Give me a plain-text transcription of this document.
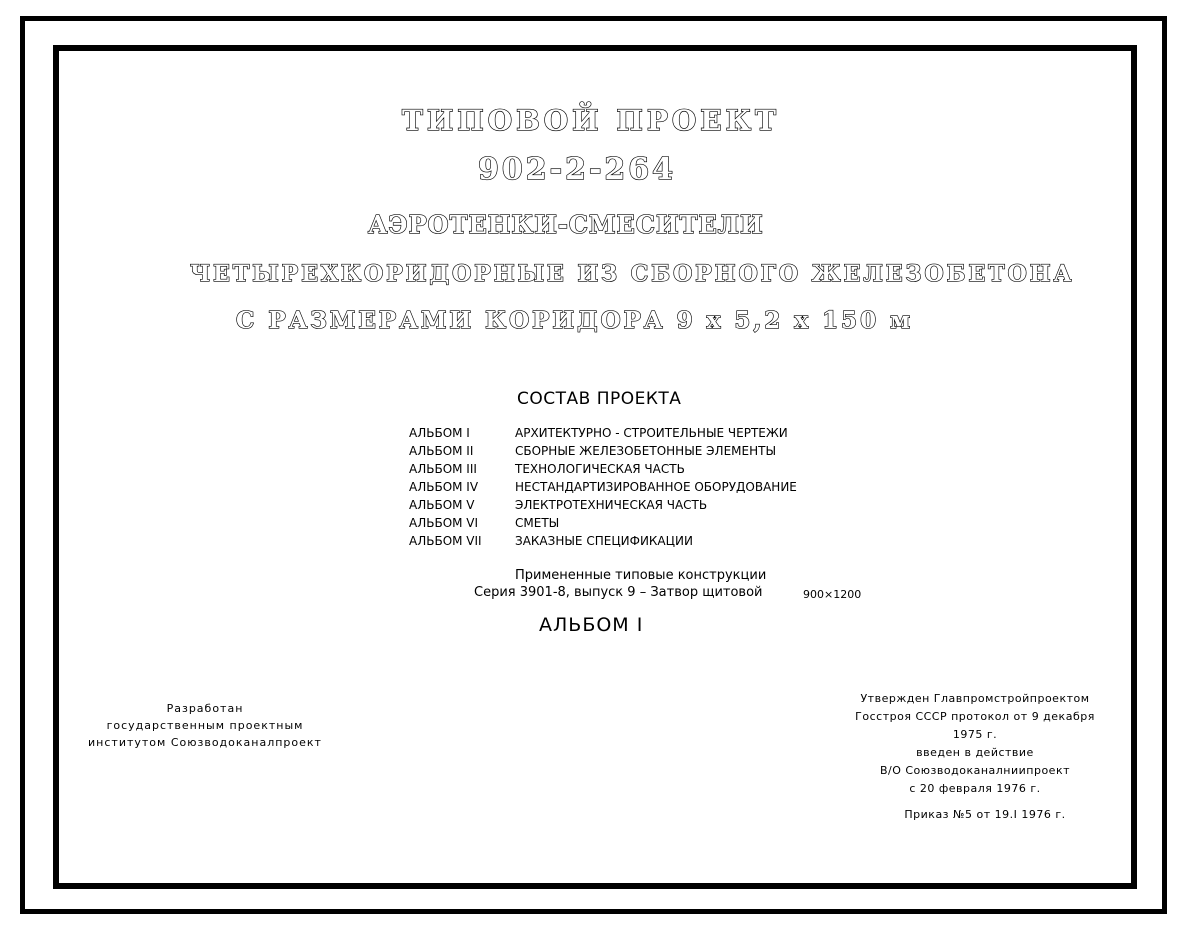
ТИПОВОЙ ПРОЕКТ
902-2-264
АЭРОТЕНКИ-СМЕСИТЕЛИ
ЧЕТЫРЕХКОРИДОРНЫЕ ИЗ СБОРНОГО ЖЕЛЕЗОБЕТОНА
С РАЗМЕРАМИ КОРИДОРА 9 х 5,2 х 150 м
СОСТАВ ПРОЕКТА
АЛЬБОМ I	АРХИТЕКТУРНО - СТРОИТЕЛЬНЫЕ ЧЕРТЕЖИ
АЛЬБОМ II	СБОРНЫЕ ЖЕЛЕЗОБЕТОННЫЕ ЭЛЕМЕНТЫ
АЛЬБОМ III	ТЕХНОЛОГИЧЕСКАЯ ЧАСТЬ
АЛЬБОМ IV	НЕСТАНДАРТИЗИРОВАННОЕ ОБОРУДОВАНИЕ
АЛЬБОМ V	ЭЛЕКТРОТЕХНИЧЕСКАЯ ЧАСТЬ
АЛЬБОМ VI	СМЕТЫ
АЛЬБОМ VII	ЗАКАЗНЫЕ СПЕЦИФИКАЦИИ
Примененные типовые конструкции
Серия 3901-8, выпуск 9 – Затвор щитовой	900×1200
АЛЬБОМ I
Разработан
государственным проектным
институтом Союзводоканалпроект
Утвержден Главпромстройпроектом
Госстроя СССР протокол от 9 декабря 1975 г.
введен в действие
В/О Союзводоканалниипроект
с 20 февраля 1976 г.
Приказ №5 от 19.I 1976 г.
